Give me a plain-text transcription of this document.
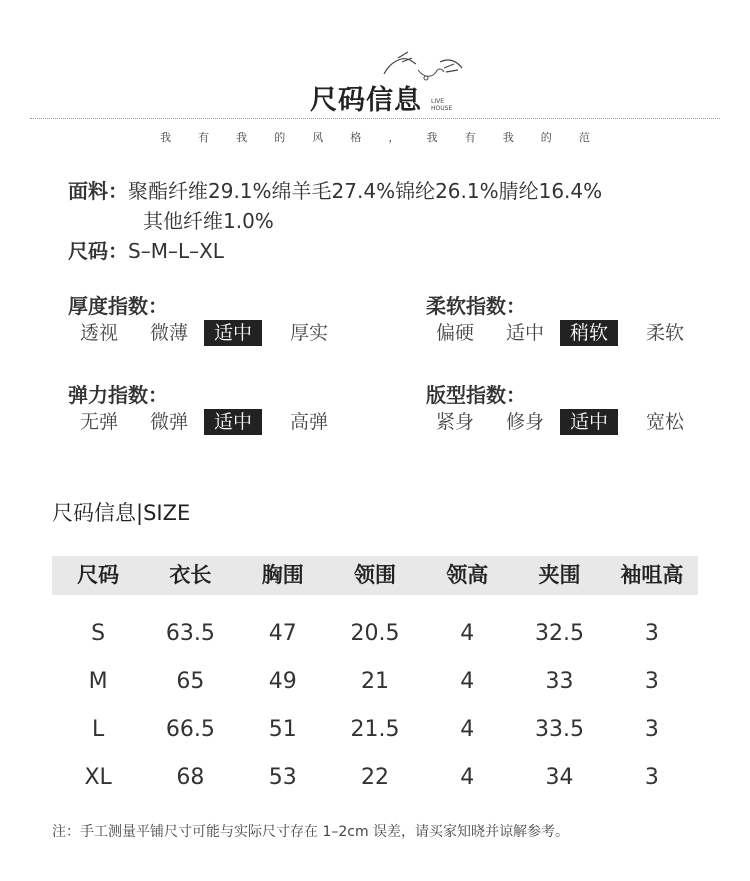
尺码信息 LIVE
HOUSE
我 有 我 的 风 格 ， 我 有 我 的 范
面料：聚酯纤维29.1%绵羊毛27.4%锦纶26.1%腈纶16.4%
其他纤维1.0%
尺码：S–M–L–XL
厚度指数：
透视	微薄	适中	厚实
柔软指数：
偏硬	适中	稍软	柔软
弹力指数：
无弹	微弹	适中	高弹
版型指数：
紧身	修身	适中	宽松
尺码信息|SIZE
尺码	衣长	胸围	领围	领高	夹围	袖咀高
S	63.5	47	20.5	4	32.5	3
M	65	49	21	4	33	3
L	66.5	51	21.5	4	33.5	3
XL	68	53	22	4	34	3
注：手工测量平铺尺寸可能与实际尺寸存在 1–2cm 误差，请买家知晓并谅解参考。
